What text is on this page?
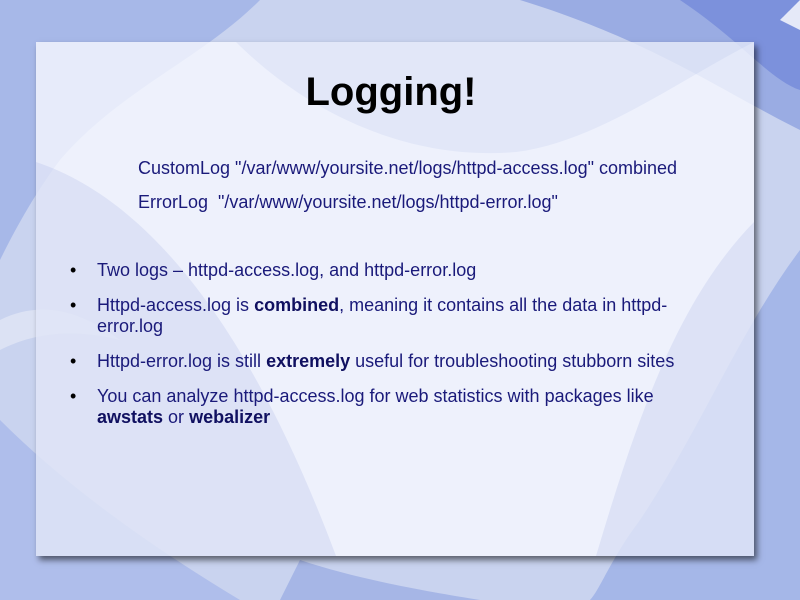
Logging!
CustomLog "/var/www/yoursite.net/logs/httpd-access.log" combined
ErrorLog  "/var/www/yoursite.net/logs/httpd-error.log"
• Two logs – httpd-access.log, and httpd-error.log
• Httpd-access.log is combined, meaning it contains all the data in httpd-error.log
• Httpd-error.log is still extremely useful for troubleshooting stubborn sites
• You can analyze httpd-access.log for web statistics with packages like awstats or webalizer
